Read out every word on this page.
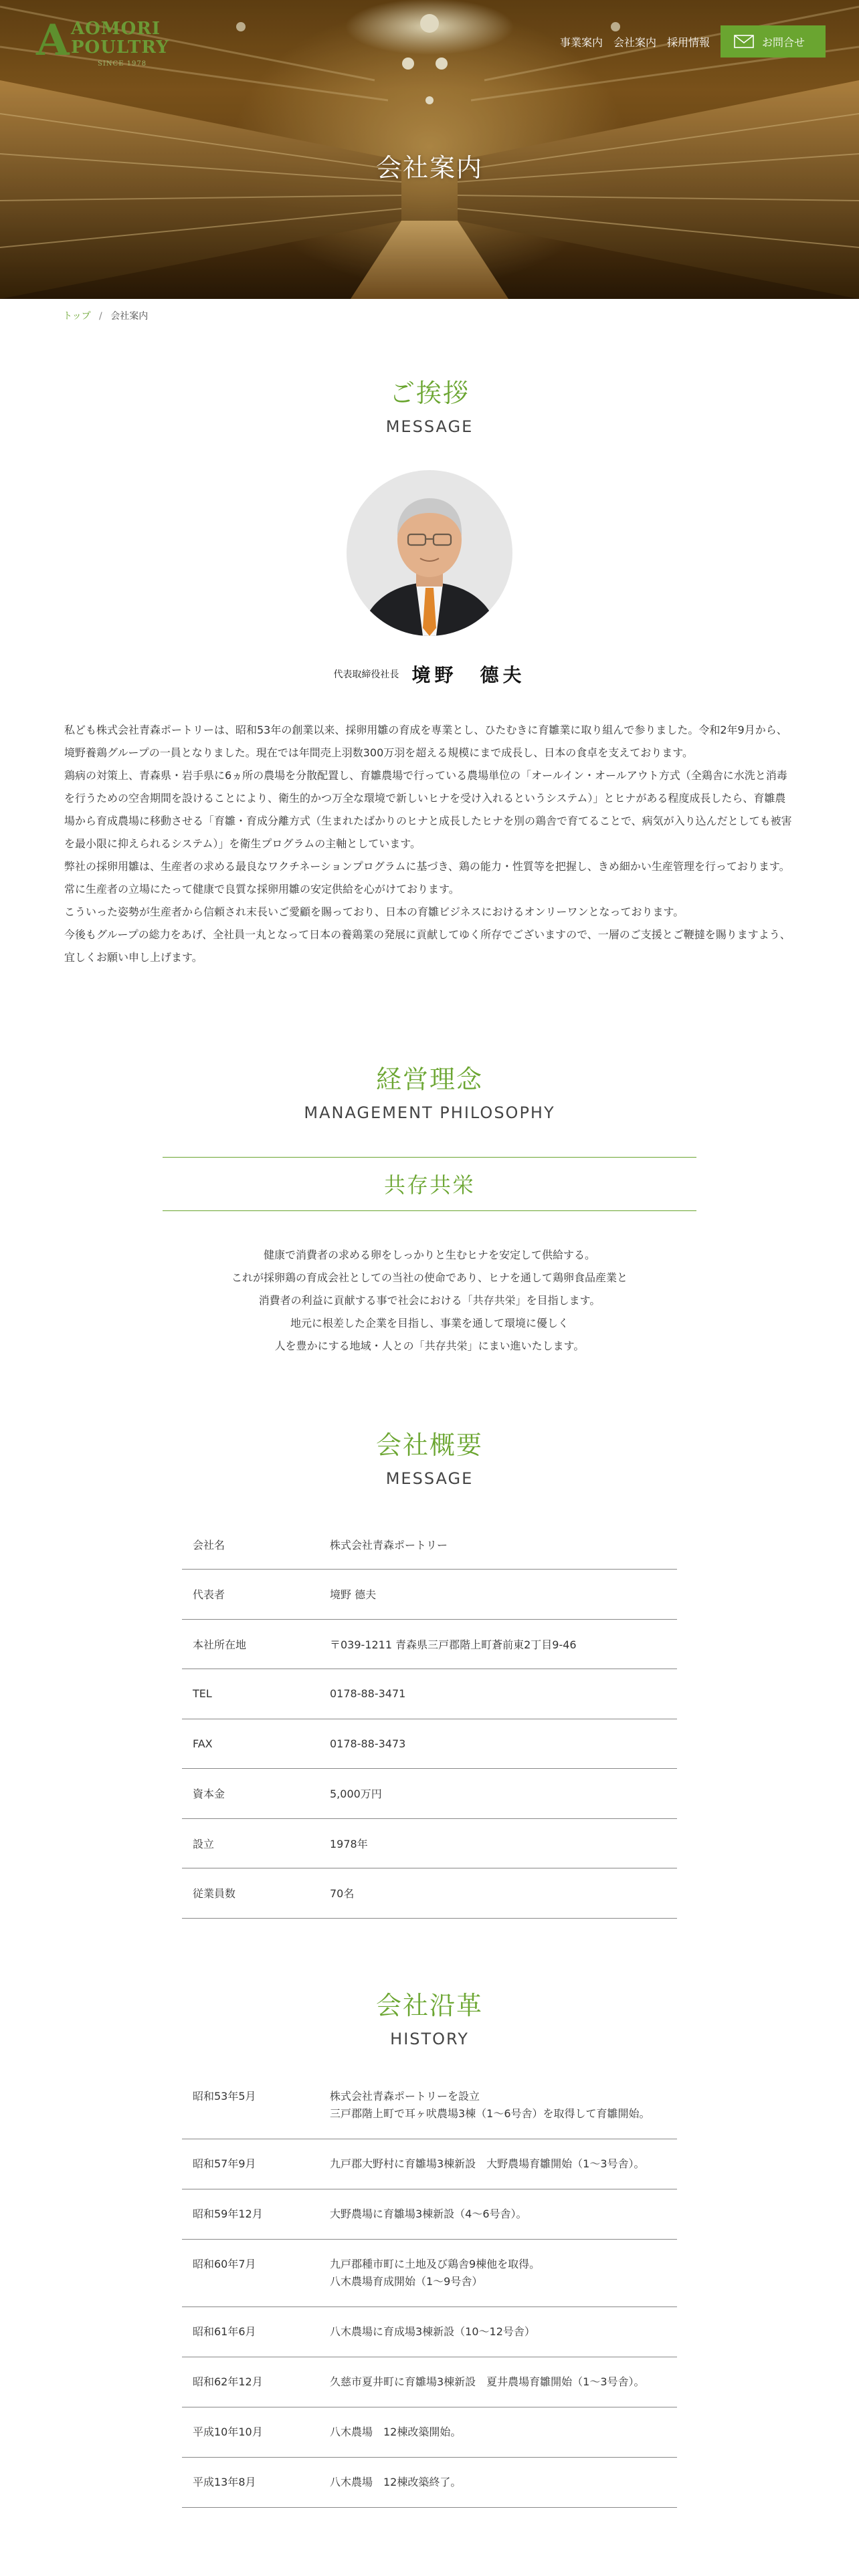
A AOMORI
POULTRY
SINCE 1978
事業案内 会社案内 採用情報	お問合せ
会社案内
トップ / 会社案内
ご挨拶
MESSAGE
代表取締役社長 境野　德夫

私ども株式会社青森ポートリーは、昭和53年の創業以来、採卵用雛の育成を専業とし、ひたむきに育雛業に取り組んで参りました。令和2年9月から、境野養鶏グループの一員となりました。現在では年間売上羽数300万羽を超える規模にまで成長し、日本の食卓を支えております。

鶏病の対策上、青森県・岩手県に6ヵ所の農場を分散配置し、育雛農場で行っている農場単位の「オールイン・オールアウト方式（全鶏舎に水洗と消毒を行うための空舎期間を設けることにより、衛生的かつ万全な環境で新しいヒナを受け入れるというシステム）」とヒナがある程度成長したら、育雛農場から育成農場に移動させる「育雛・育成分離方式（生まれたばかりのヒナと成長したヒナを別の鶏舎で育てることで、病気が入り込んだとしても被害を最小限に抑えられるシステム）」を衛生プログラムの主軸としています。

弊社の採卵用雛は、生産者の求める最良なワクチネーションプログラムに基づき、鶏の能力・性質等を把握し、きめ細かい生産管理を行っております。

常に生産者の立場にたって健康で良質な採卵用雛の安定供給を心がけております。

こういった姿勢が生産者から信頼され末長いご愛顧を賜っており、日本の育雛ビジネスにおけるオンリーワンとなっております。

今後もグループの総力をあげ、全社員一丸となって日本の養鶏業の発展に貢献してゆく所存でございますので、一層のご支援とご鞭撻を賜りますよう、宜しくお願い申し上げます。

経営理念
MANAGEMENT PHILOSOPHY
共存共栄

健康で消費者の求める卵をしっかりと生むヒナを安定して供給する。

これが採卵鶏の育成会社としての当社の使命であり、ヒナを通して鶏卵食品産業と

消費者の利益に貢献する事で社会における「共存共栄」を目指します。

地元に根差した企業を目指し、事業を通して環境に優しく

人を豊かにする地域・人との「共存共栄」にまい進いたします。

会社概要
MESSAGE
会社名	株式会社青森ポートリー
代表者	境野 德夫
本社所在地	〒039-1211 青森県三戸郡階上町蒼前東2丁目9-46
TEL	0178-88-3471
FAX	0178-88-3473
資本金	5,000万円
設立	1978年
従業員数	70名
会社沿革
HISTORY
昭和53年5月	株式会社青森ポートリーを設立
三戸郡階上町で耳ヶ吠農場3棟（1〜6号舎）を取得して育雛開始。

昭和57年9月	九戸郡大野村に育雛場3棟新設　大野農場育雛開始（1〜3号舎）。

昭和59年12月	大野農場に育雛場3棟新設（4〜6号舎）。

昭和60年7月	九戸郡種市町に土地及び鶏舎9棟他を取得。
八木農場育成開始（1〜9号舎）

昭和61年6月	八木農場に育成場3棟新設（10〜12号舎）

昭和62年12月	久慈市夏井町に育雛場3棟新設　夏井農場育雛開始（1〜3号舎）。

平成10年10月	八木農場　12棟改築開始。

平成13年8月	八木農場　12棟改築終了。
